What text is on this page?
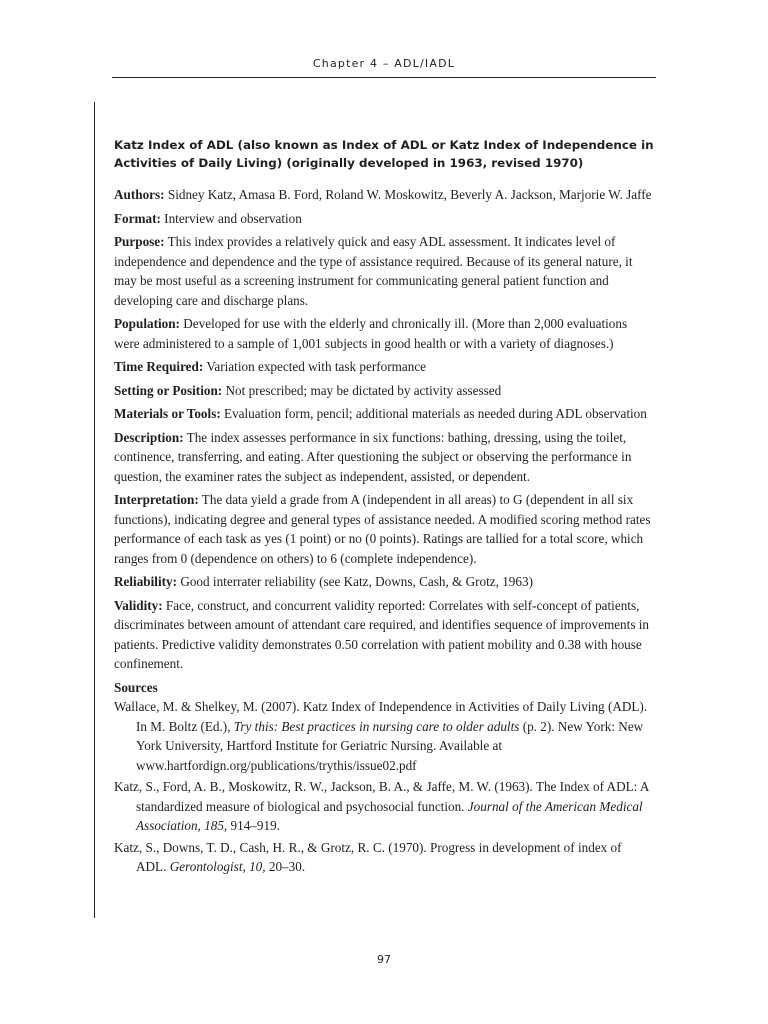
Chapter 4 – ADL/IADL
Katz Index of ADL (also known as Index of ADL or Katz Index of Independence in Activities of Daily Living) (originally developed in 1963, revised 1970)

Authors: Sidney Katz, Amasa B. Ford, Roland W. Moskowitz, Beverly A. Jackson, Marjorie W. Jaffe

Format: Interview and observation

Purpose: This index provides a relatively quick and easy ADL assessment. It indicates level of independence and dependence and the type of assistance required. Because of its general nature, it may be most useful as a screening instrument for communicating general patient function and developing care and discharge plans.

Population: Developed for use with the elderly and chronically ill. (More than 2,000 evaluations were administered to a sample of 1,001 subjects in good health or with a variety of diagnoses.)

Time Required: Variation expected with task performance

Setting or Position: Not prescribed; may be dictated by activity assessed

Materials or Tools: Evaluation form, pencil; additional materials as needed during ADL observation

Description: The index assesses performance in six functions: bathing, dressing, using the toilet, continence, transferring, and eating. After questioning the subject or observing the performance in question, the examiner rates the subject as independent, assisted, or dependent.

Interpretation: The data yield a grade from A (independent in all areas) to G (dependent in all six functions), indicating degree and general types of assistance needed. A modified scoring method rates performance of each task as yes (1 point) or no (0 points). Ratings are tallied for a total score, which ranges from 0 (dependence on others) to 6 (complete independence).

Reliability: Good interrater reliability (see Katz, Downs, Cash, & Grotz, 1963)

Validity: Face, construct, and concurrent validity reported: Correlates with self-concept of patients, discriminates between amount of attendant care required, and identifies sequence of improvements in patients. Predictive validity demonstrates 0.50 correlation with patient mobility and 0.38 with house confinement.

Sources

Wallace, M. & Shelkey, M. (2007). Katz Index of Independence in Activities of Daily Living (ADL). In M. Boltz (Ed.), Try this: Best practices in nursing care to older adults (p. 2). New York: New York University, Hartford Institute for Geriatric Nursing. Available at www.hartfordign.org/publications/trythis/issue02.pdf

Katz, S., Ford, A. B., Moskowitz, R. W., Jackson, B. A., & Jaffe, M. W. (1963). The Index of ADL: A standardized measure of biological and psychosocial function. Journal of the American Medical Association, 185, 914–919.

Katz, S., Downs, T. D., Cash, H. R., & Grotz, R. C. (1970). Progress in development of index of ADL. Gerontologist, 10, 20–30.

97
